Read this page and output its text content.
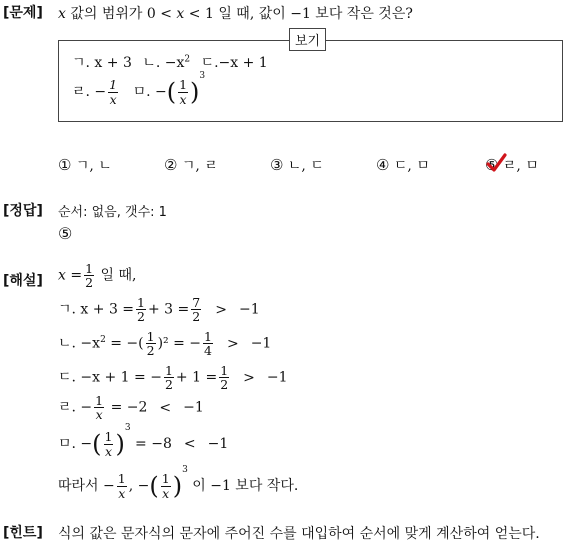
[문제] x 값의 범위가 0 < x < 1 일 때, 값이 −1 보다 작은 것은?
보기
ㄱ. x + 3 ㄴ. $-x^2$ ㄷ.−x + 1
ㄹ. − $\frac{1}{x}$ ㅁ. −( $\frac{1}{x} )^3$
① ㄱ, ㄴ	② ㄱ, ㄹ	③ ㄴ, ㄷ	④ ㄷ, ㅁ	⑤ ㄹ, ㅁ
[정답] 순서: 없음, 갯수: 1
⑤
[해설] $x = \frac{1}{2}$ 일 때,
ㄱ. $x + 3 = \frac{1}{2} + 3 = \frac{7}{2} > -1$
ㄴ. $-x^2$ = −( $\frac{1}{2} )^2$ = − $\frac{1}{4} > -1$
ㄷ. −x + 1 = − $\frac{1}{2} + 1 = \frac{1}{2} > -1$
ㄹ. − $\frac{1}{x} = -2 < -1$
ㅁ. −( $\frac{1}{x} )^3 = -8 < -1$
따라서 − $\frac{1}{x}$ , −( $\frac{1}{x} )^3$ 이 −1 보다 작다.
[힌트] 식의 값은 문자식의 문자에 주어진 수를 대입하여 순서에 맞게 계산하여 얻는다.
